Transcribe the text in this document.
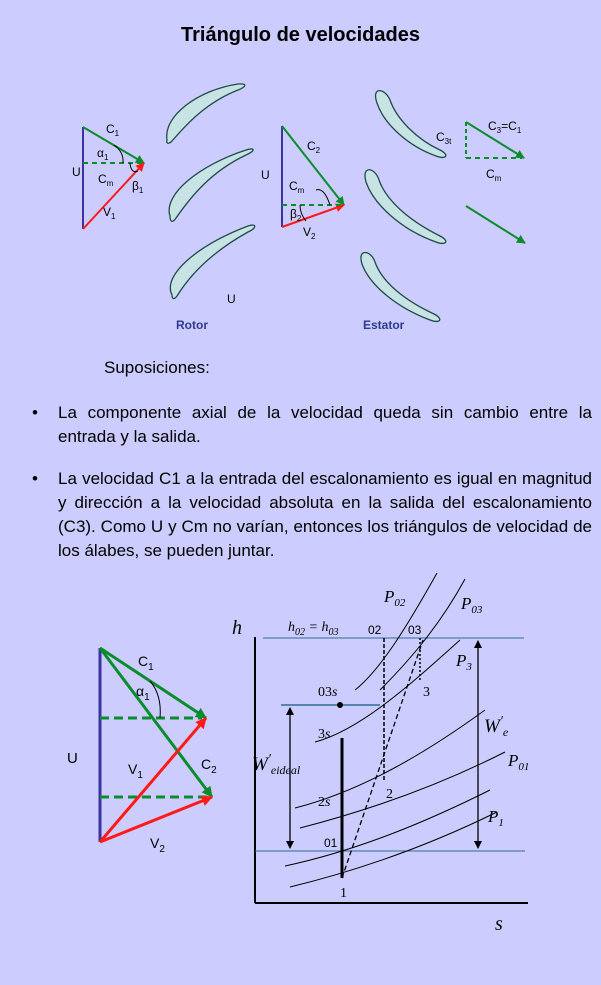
Triángulo de velocidades
$C_1$
$\alpha_1$
U $C_m$ $\beta_1$
$V_1$
U
Rotor
$C_2$
U
$C_m$
$\beta_2$
$V_2$
Estator
$C_{3t}$
$C_3=C_1$
$C_m$
Suposiciones:
• La componente axial de la velocidad queda sin cambio entre la entrada y la salida.
• La velocidad C1 a la entrada del escalonamiento es igual en magnitud y dirección a la velocidad absoluta en la salida del escalonamiento (C3). Como U y Cm no varían, entonces los triángulos de velocidad de los álabes, se pueden juntar.
$C_1$
$\alpha_1$
U
$V_1$
$C_2$
$V_2$
h
s
$h_{02} = h_{03}$
$P_{02}$	$P_{03}$
$P_3$
$P_{01}$
$P_1$
$W'_e$
$W'_{eideal}$
02 03
03s	3
3s
2s
2
01
1
